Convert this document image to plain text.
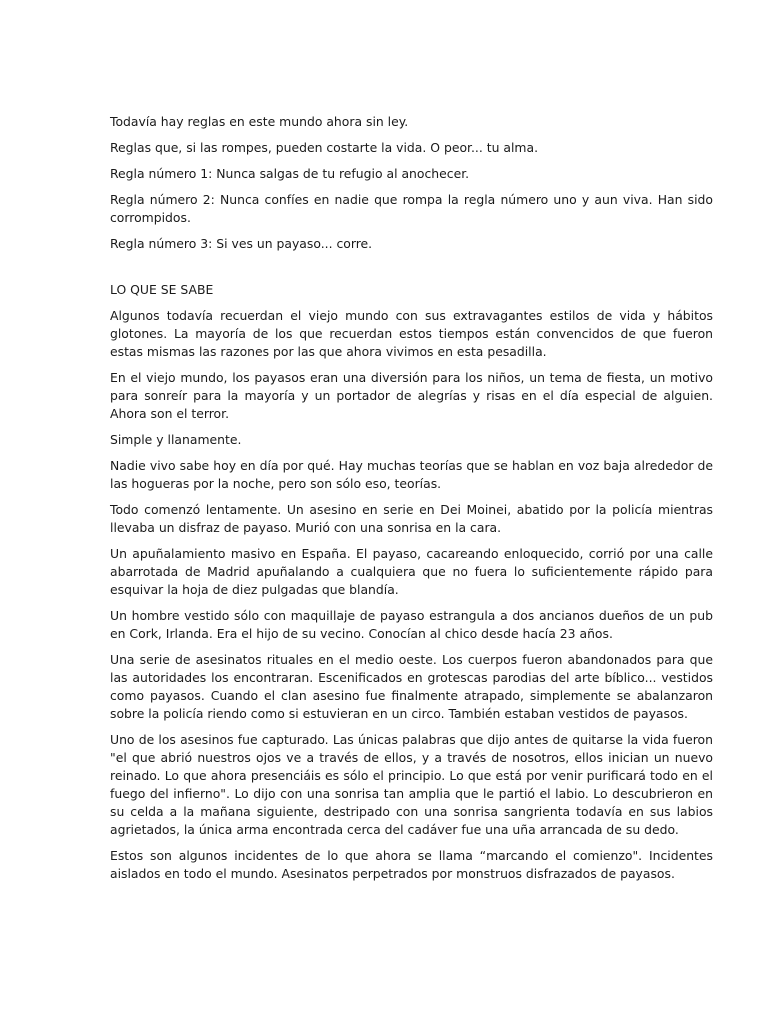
Todavía hay reglas en este mundo ahora sin ley.

Reglas que, si las rompes, pueden costarte la vida. O peor... tu alma.

Regla número 1: Nunca salgas de tu refugio al anochecer.

Regla número 2: Nunca confíes en nadie que rompa la regla número uno y aun viva. Han sido corrompidos.

Regla número 3: Si ves un payaso... corre.

LO QUE SE SABE

Algunos todavía recuerdan el viejo mundo con sus extravagantes estilos de vida y hábitos glotones. La mayoría de los que recuerdan estos tiempos están convencidos de que fueron estas mismas las razones por las que ahora vivimos en esta pesadilla.

En el viejo mundo, los payasos eran una diversión para los niños, un tema de fiesta, un motivo para sonreír para la mayoría y un portador de alegrías y risas en el día especial de alguien. Ahora son el terror.

Simple y llanamente.

Nadie vivo sabe hoy en día por qué. Hay muchas teorías que se hablan en voz baja alrededor de las hogueras por la noche, pero son sólo eso, teorías.

Todo comenzó lentamente. Un asesino en serie en Dei Moinei, abatido por la policía mientras llevaba un disfraz de payaso. Murió con una sonrisa en la cara.

Un apuñalamiento masivo en España. El payaso, cacareando enloquecido, corrió por una calle abarrotada de Madrid apuñalando a cualquiera que no fuera lo suficientemente rápido para esquivar la hoja de diez pulgadas que blandía.

Un hombre vestido sólo con maquillaje de payaso estrangula a dos ancianos dueños de un pub en Cork, Irlanda. Era el hijo de su vecino. Conocían al chico desde hacía 23 años.

Una serie de asesinatos rituales en el medio oeste. Los cuerpos fueron abandonados para que las autoridades los encontraran. Escenificados en grotescas parodias del arte bíblico... vestidos como payasos. Cuando el clan asesino fue finalmente atrapado, simplemente se abalanzaron sobre la policía riendo como si estuvieran en un circo. También estaban vestidos de payasos.

Uno de los asesinos fue capturado. Las únicas palabras que dijo antes de quitarse la vida fueron "el que abrió nuestros ojos ve a través de ellos, y a través de nosotros, ellos inician un nuevo reinado. Lo que ahora presenciáis es sólo el principio. Lo que está por venir purificará todo en el fuego del infierno". Lo dijo con una sonrisa tan amplia que le partió el labio. Lo descubrieron en su celda a la mañana siguiente, destripado con una sonrisa sangrienta todavía en sus labios agrietados, la única arma encontrada cerca del cadáver fue una uña arrancada de su dedo.

Estos son algunos incidentes de lo que ahora se llama “marcando el comienzo". Incidentes aislados en todo el mundo. Asesinatos perpetrados por monstruos disfrazados de payasos.
